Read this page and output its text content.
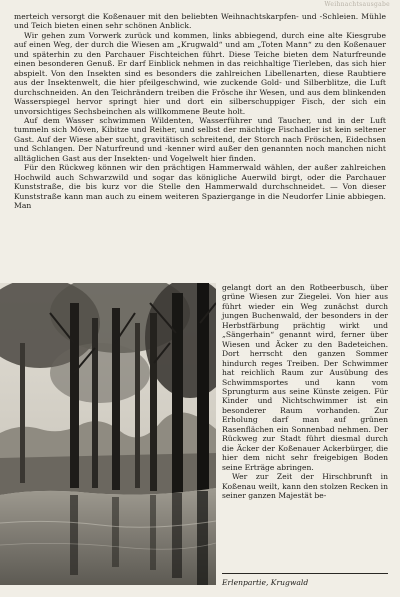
Weihnachtsausgabe

merteich versorgt die Koßenauer mit den beliebten Weihnachtskarpfen- und -Schleien. Mühle und Teich bieten einen sehr schönen Anblick.

Wir gehen zum Vorwerk zurück und kommen, links abbiegend, durch eine alte Kiesgrube auf einen Weg, der durch die Wiesen am „Krugwald“ und am „Toten Mann“ zu den Koßenauer und späterhin zu den Parchauer Fischteichen führt. Diese Teiche bieten dem Naturfreunde einen besonderen Genuß. Er darf Einblick nehmen in das reichhaltige Tierleben, das sich hier abspielt. Von den Insekten sind es besonders die zahlreichen Libellenarten, diese Raubtiere aus der Insektenwelt, die hier pfeilgeschwind, wie zuckende Gold- und Silberblitze, die Luft durchschneiden. An den Teichrändern treiben die Frösche ihr Wesen, und aus dem blinkenden Wasserspiegel hervor springt hier und dort ein silberschuppiger Fisch, der sich ein unvorsichtiges Sechsbeinchen als willkommene Beute holt.

Auf dem Wasser schwimmen Wildenten, Wasserführer und Taucher, und in der Luft tummeln sich Möven, Kibitze und Reiher, und selbst der mächtige Fischadler ist kein seltener Gast. Auf der Wiese aber sucht, gravitätisch schreitend, der Storch nach Fröschen, Eidechsen und Schlangen. Der Naturfreund und -kenner wird außer den genannten noch manchen nicht alltäglichen Gast aus der Insekten- und Vogelwelt hier finden.

Für den Rückweg können wir den prächtigen Hammerwald wählen, der außer zahlreichen Hochwild auch Schwarzwild und sogar das königliche Auerwild birgt, oder die Parchauer Kunststraße, die bis kurz vor die Stelle den Hammerwald durchschneidet. — Von dieser Kunststraße kann man auch zu einem weiteren Spaziergange in die Neudorfer Linie abbiegen. Man

gelangt dort an den Rotbeerbusch, über grüne Wiesen zur Ziegelei. Von hier aus führt wieder ein Weg zunächst durch jungen Buchenwald, der besonders in der Herbstfärbung prächtig wirkt und „Sängerhain“ genannt wird, ferner über Wiesen und Äcker zu den Badeteichen. Dort herrscht den ganzen Sommer hindurch reges Treiben. Der Schwimmer hat reichlich Raum zur Ausübung des Schwimmsportes und kann vom Sprungturm aus seine Künste zeigen. Für Kinder und Nichtschwimmer ist ein besonderer Raum vorhanden. Zur Erholung darf man auf grünen Rasenflächen ein Sonnenbad nehmen. Der Rückweg zur Stadt führt diesmal durch die Äcker der Koßenauer Ackerbürger, die hier dem nicht sehr freigebigen Boden seine Erträge abringen.

Wer zur Zeit der Hirschbrunft in Koßenau weilt, kann den stolzen Recken in seiner ganzen Majestät be-

Erlenpartie, Krugwald
